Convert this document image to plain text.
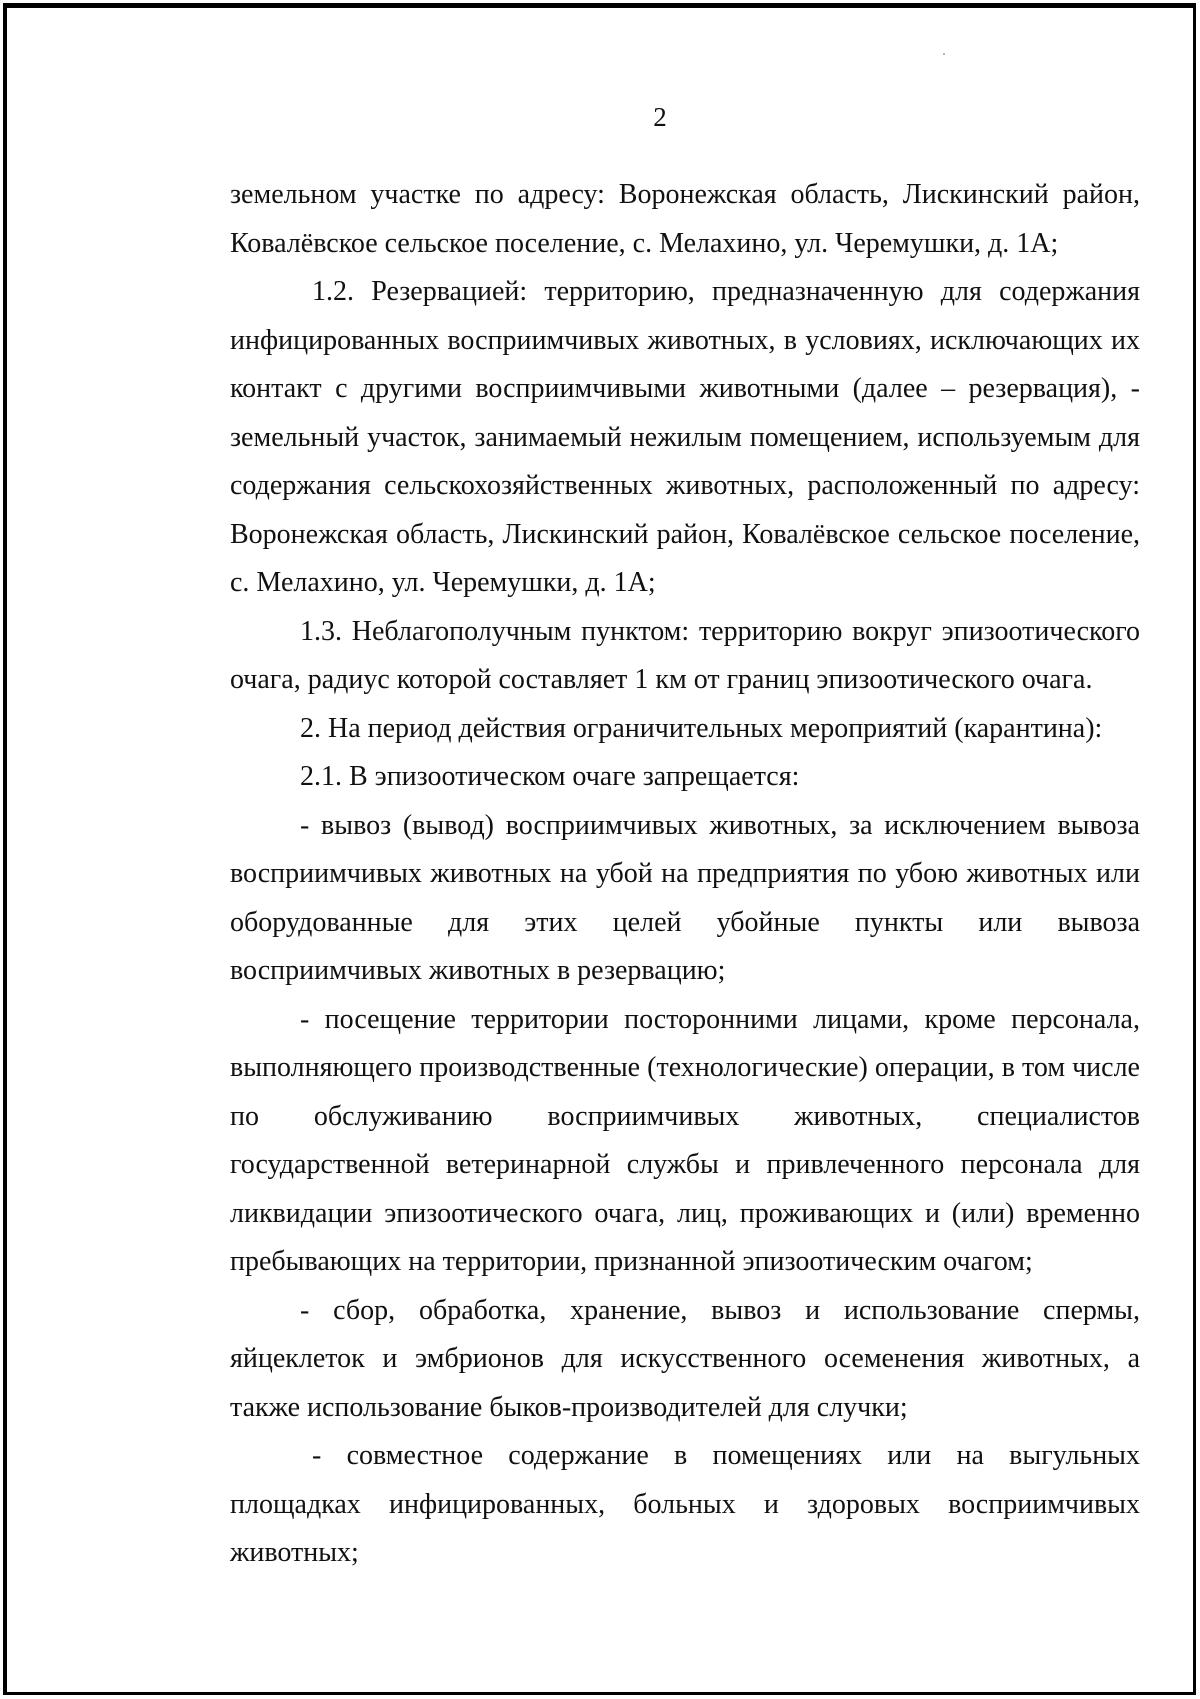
2

земельном участке по адресу: Воронежская область, Лискинский район, Ковалёвское сельское поселение, с. Мелахино, ул. Черемушки, д. 1А;

1.2. Резервацией: территорию, предназначенную для содержания инфицированных восприимчивых животных, в условиях, исключающих их контакт с другими восприимчивыми животными (далее – резервация), - земельный участок, занимаемый нежилым помещением, используемым для содержания сельскохозяйственных животных, расположенный по адресу: Воронежская область, Лискинский район, Ковалёвское сельское поселение, с. Мелахино, ул. Черемушки, д. 1А;

1.3. Неблагополучным пунктом: территорию вокруг эпизоотического очага, радиус которой составляет 1 км от границ эпизоотического очага.

2. На период действия ограничительных мероприятий (карантина):

2.1. В эпизоотическом очаге запрещается:

- вывоз (вывод) восприимчивых животных, за исключением вывоза восприимчивых животных на убой на предприятия по убою животных или оборудованные для этих целей убойные пункты или вывоза восприимчивых животных в резервацию;

- посещение территории посторонними лицами, кроме персонала, выполняющего производственные (технологические) операции, в том числе по обслуживанию восприимчивых животных, специалистов государственной ветеринарной службы и привлеченного персонала для ликвидации эпизоотического очага, лиц, проживающих и (или) временно пребывающих на территории, признанной эпизоотическим очагом;

- сбор, обработка, хранение, вывоз и использование спермы, яйцеклеток и эмбрионов для искусственного осеменения животных, а также использование быков-производителей для случки;

- совместное содержание в помещениях или на выгульных площадках инфицированных, больных и здоровых восприимчивых животных;
